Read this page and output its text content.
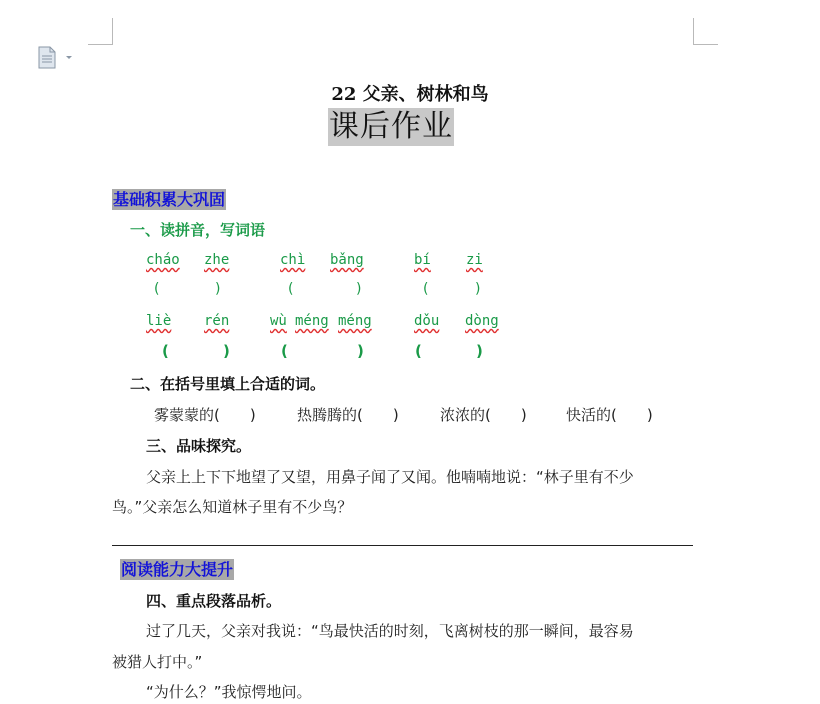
22 父亲、树林和鸟
课后作业
基础积累大巩固
一、读拼音，写词语
cháo zhe	chì bǎng	bí	zi
(	)	(	)	(	)
liè rén	wù méng méng	dǒu dòng
(	)	(	)	(	)
二、在括号里填上合适的词。
雾蒙蒙的(　　)	热腾腾的(　　)	浓浓的(　　)	快活的(　　)
三、品味探究。
父亲上上下下地望了又望，用鼻子闻了又闻。他喃喃地说：“林子里有不少
鸟。”父亲怎么知道林子里有不少鸟？
阅读能力大提升
四、重点段落品析。
过了几天，父亲对我说：“鸟最快活的时刻，飞离树枝的那一瞬间，最容易
被猎人打中。”
“为什么？”我惊愕地问。
